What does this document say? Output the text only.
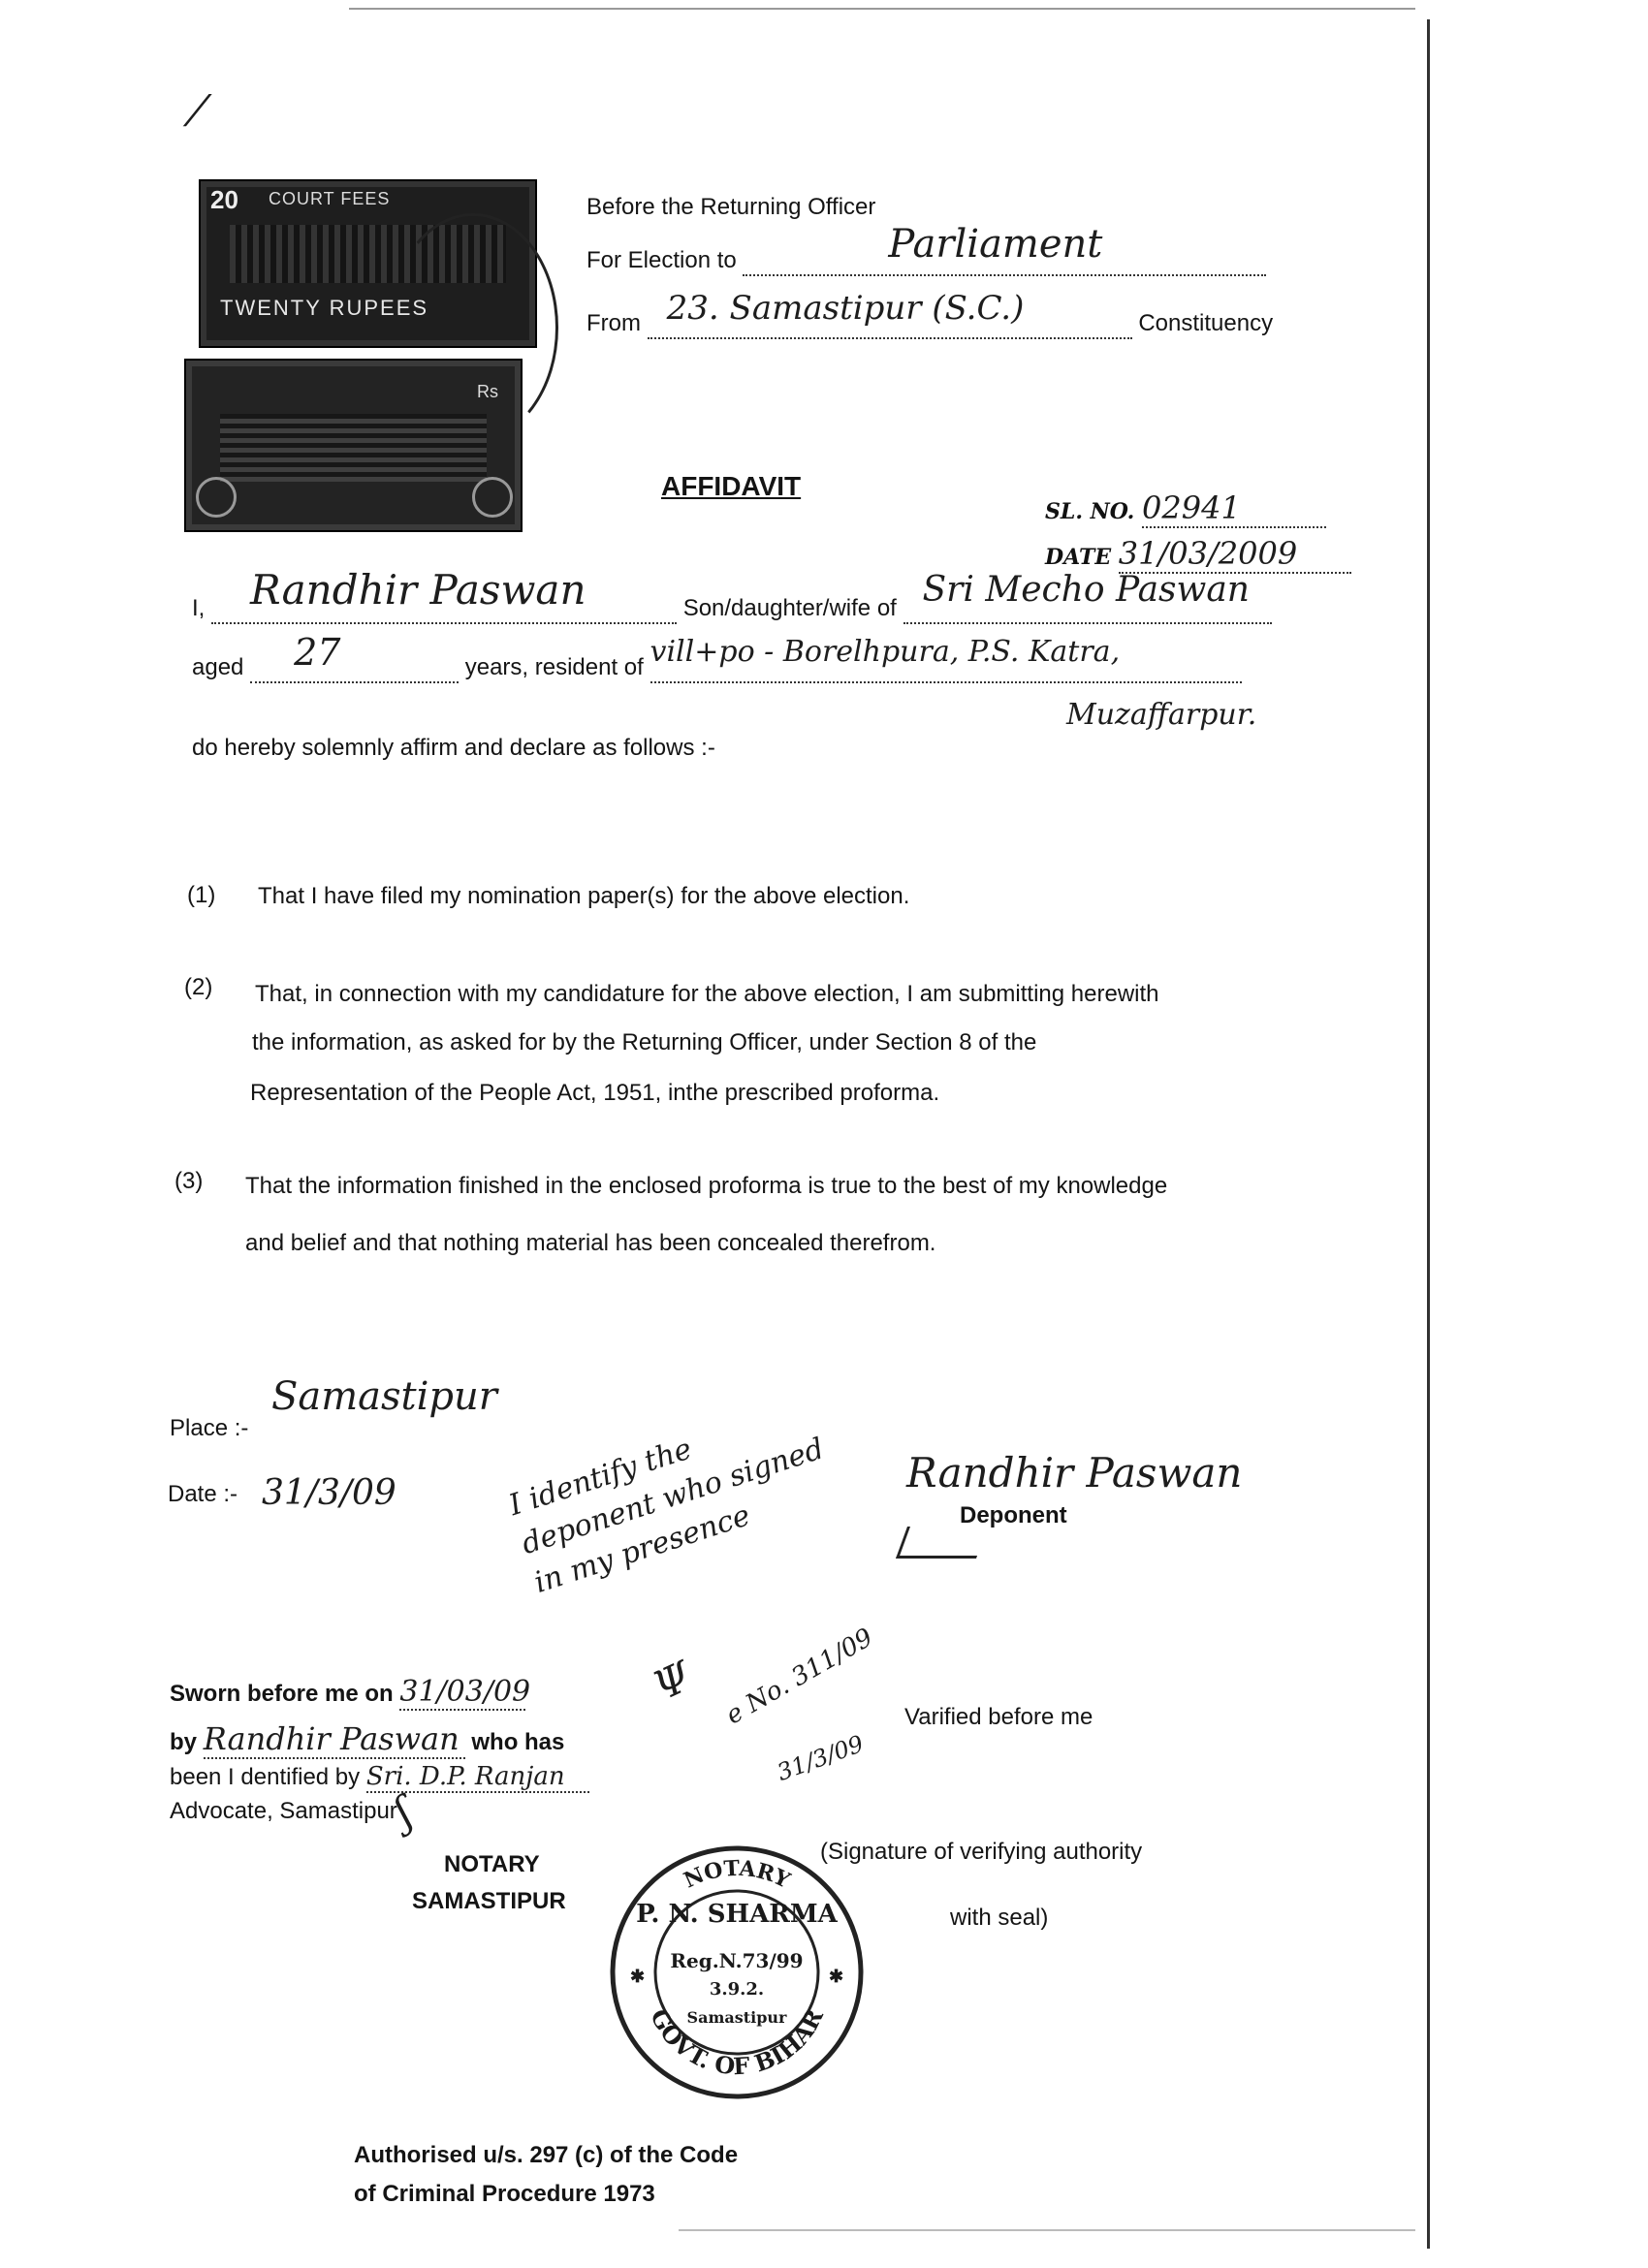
⁄
20 COURT FEES
TWENTY RUPEES
Rs
Before the Returning Officer
For Election to	Parliament

From 23. Samastipur (S.C.)	Constituency
AFFIDAVIT
SL. NO. 02941
DATE 31/03/2009
I, Randhir Paswan	Son/daughter/wife of Sri Mecho Paswan

aged 27	years, resident of vill+po - Borelhpura, P.S. Katra,

Muzaffarpur.
do hereby solemnly affirm and declare as follows :-
(1) That I have filed my nomination paper(s) for the above election.
(2) That, in connection with my candidature for the above election, I am submitting herewith
the information, as asked for by the Returning Officer, under Section 8 of the
Representation of the People Act, 1951, inthe prescribed proforma.
(3) That the information finished in the enclosed proforma is true to the best of my knowledge
and belief and that nothing material has been concealed therefrom.
Place :-
Samastipur
Date :- 31/3/09	Randhir Paswan
Deponent
I identify the deponent who signed in my presence
Sworn before me on 31/03/09
by Randhir Paswan who has
been I dentified by Sri. D.P. Ranjan
Advocate, Samastipur
ʃ
NOTARY
SAMASTIPUR
Ψ e No. 311/09
31/3/09
Varified before me
(Signature of verifying authority
with seal)
NOTARY
P. N. SHARMA
Reg.N.73/99
3.9.2.
Samastipur
GOVT. OF BIHAR
✱	✱
Authorised u/s. 297 (c) of the Code
of Criminal Procedure 1973
